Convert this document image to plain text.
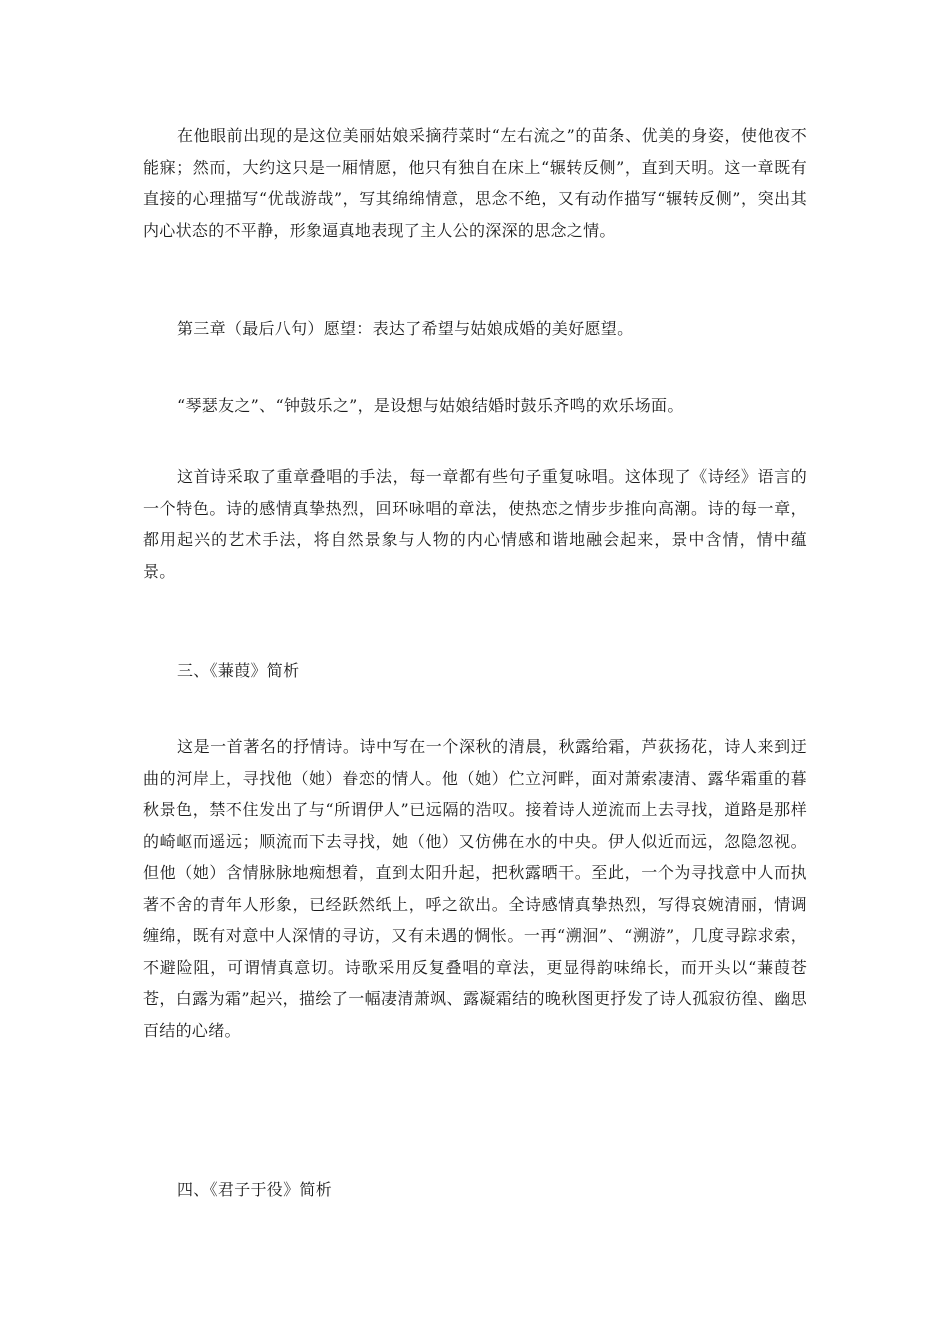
在他眼前出现的是这位美丽姑娘采摘荇菜时“左右流之”的苗条、优美的身姿，使他夜不能寐；然而，大约这只是一厢情愿，他只有独自在床上“辗转反侧”，直到天明。这一章既有直接的心理描写“优哉游哉”，写其绵绵情意，思念不绝，又有动作描写“辗转反侧”，突出其内心状态的不平静，形象逼真地表现了主人公的深深的思念之情。

第三章（最后八句）愿望：表达了希望与姑娘成婚的美好愿望。

“琴瑟友之”、“钟鼓乐之”，是设想与姑娘结婚时鼓乐齐鸣的欢乐场面。

这首诗采取了重章叠唱的手法，每一章都有些句子重复咏唱。这体现了《诗经》语言的一个特色。诗的感情真挚热烈，回环咏唱的章法，使热恋之情步步推向高潮。诗的每一章，都用起兴的艺术手法，将自然景象与人物的内心情感和谐地融会起来，景中含情，情中蕴景。

三、《蒹葭》简析

这是一首著名的抒情诗。诗中写在一个深秋的清晨，秋露给霜，芦荻扬花，诗人来到迂曲的河岸上，寻找他（她）眷恋的情人。他（她）伫立河畔，面对萧索凄清、露华霜重的暮秋景色，禁不住发出了与“所谓伊人”已远隔的浩叹。接着诗人逆流而上去寻找，道路是那样的崎岖而遥远；顺流而下去寻找，她（他）又仿佛在水的中央。伊人似近而远，忽隐忽视。但他（她）含情脉脉地痴想着，直到太阳升起，把秋露晒干。至此，一个为寻找意中人而执著不舍的青年人形象，已经跃然纸上，呼之欲出。全诗感情真挚热烈，写得哀婉清丽，情调缠绵，既有对意中人深情的寻访，又有未遇的惆怅。一再“溯洄”、“溯游”，几度寻踪求索，不避险阻，可谓情真意切。诗歌采用反复叠唱的章法，更显得韵味绵长，而开头以“蒹葭苍苍，白露为霜”起兴，描绘了一幅凄清萧飒、露凝霜结的晚秋图更抒发了诗人孤寂彷徨、幽思百结的心绪。

四、《君子于役》简析
